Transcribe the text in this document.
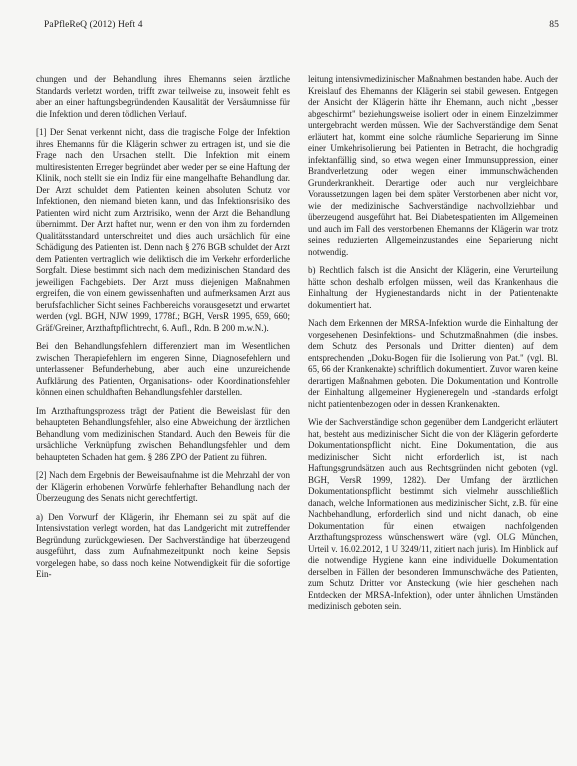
PaPfleReQ (2012) Heft 4	85

chungen und der Behandlung ihres Ehemanns seien ärztliche Standards verletzt worden, trifft zwar teilweise zu, insoweit fehlt es aber an einer haftungsbegründenden Kausalität der Versäumnisse für die Infektion und deren tödlichen Verlauf.

[1] Der Senat verkennt nicht, dass die tragische Folge der Infektion ihres Ehemanns für die Klägerin schwer zu ertragen ist, und sie die Frage nach den Ursachen stellt. Die Infektion mit einem multiresistenten Erreger begründet aber weder per se eine Haftung der Klinik, noch stellt sie ein Indiz für eine mangelhafte Behandlung dar. Der Arzt schuldet dem Patienten keinen absoluten Schutz vor Infektionen, den niemand bieten kann, und das Infektionsrisiko des Patienten wird nicht zum Arztrisiko, wenn der Arzt die Behandlung übernimmt. Der Arzt haftet nur, wenn er den von ihm zu fordernden Qualitätsstandard unterschreitet und dies auch ursächlich für eine Schädigung des Patienten ist. Denn nach § 276 BGB schuldet der Arzt dem Patienten vertraglich wie deliktisch die im Verkehr erforderliche Sorgfalt. Diese bestimmt sich nach dem medizinischen Standard des jeweiligen Fachgebiets. Der Arzt muss diejenigen Maßnahmen ergreifen, die von einem gewissenhaften und aufmerksamen Arzt aus berufsfachlicher Sicht seines Fachbereichs vorausgesetzt und erwartet werden (vgl. BGH, NJW 1999, 1778f.; BGH, VersR 1995, 659, 660; Gräf/Greiner, Arzthaftpflichtrecht, 6. Aufl., Rdn. B 200 m.w.N.).

Bei den Behandlungsfehlern differenziert man im Wesentlichen zwischen Therapiefehlern im engeren Sinne, Diagnosefehlern und unterlassener Befunderhebung, aber auch eine unzureichende Aufklärung des Patienten, Organisations- oder Koordinationsfehler können einen schuldhaften Behandlungsfehler darstellen.

Im Arzthaftungsprozess trägt der Patient die Beweislast für den behaupteten Behandlungsfehler, also eine Abweichung der ärztlichen Behandlung vom medizinischen Standard. Auch den Beweis für die ursächliche Verknüpfung zwischen Behandlungsfehler und dem behaupteten Schaden hat gem. § 286 ZPO der Patient zu führen.

[2] Nach dem Ergebnis der Beweisaufnahme ist die Mehrzahl der von der Klägerin erhobenen Vorwürfe fehlerhafter Behandlung nach der Überzeugung des Senats nicht gerechtfertigt.

a) Den Vorwurf der Klägerin, ihr Ehemann sei zu spät auf die Intensivstation verlegt worden, hat das Landgericht mit zutreffender Begründung zurückgewiesen. Der Sachverständige hat überzeugend ausgeführt, dass zum Aufnahmezeitpunkt noch keine Sepsis vorgelegen habe, so dass noch keine Notwendigkeit für die sofortige Ein-

leitung intensivmedizinischer Maßnahmen bestanden habe. Auch der Kreislauf des Ehemanns der Klägerin sei stabil gewesen. Entgegen der Ansicht der Klägerin hätte ihr Ehemann, auch nicht „besser abgeschirmt" beziehungsweise isoliert oder in einem Einzelzimmer untergebracht werden müssen. Wie der Sachverständige dem Senat erläutert hat, kommt eine solche räumliche Separierung im Sinne einer Umkehrisolierung bei Patienten in Betracht, die hochgradig infektanfällig sind, so etwa wegen einer Immunsuppression, einer Brandverletzung oder wegen einer immunschwächenden Grunderkrankheit. Derartige oder auch nur vergleichbare Voraussetzungen lagen bei dem später Verstorbenen aber nicht vor, wie der medizinische Sachverständige nachvollziehbar und überzeugend ausgeführt hat. Bei Diabetespatienten im Allgemeinen und auch im Fall des verstorbenen Ehemanns der Klägerin war trotz seines reduzierten Allgemeinzustandes eine Separierung nicht notwendig.

b) Rechtlich falsch ist die Ansicht der Klägerin, eine Verurteilung hätte schon deshalb erfolgen müssen, weil das Krankenhaus die Einhaltung der Hygienestandards nicht in der Patientenakte dokumentiert hat.

Nach dem Erkennen der MRSA-Infektion wurde die Einhaltung der vorgesehenen Desinfektions- und Schutzmaßnahmen (die insbes. dem Schutz des Personals und Dritter dienten) auf dem entsprechenden „Doku-Bogen für die Isolierung von Pat." (vgl. Bl. 65, 66 der Krankenakte) schriftlich dokumentiert. Zuvor waren keine derartigen Maßnahmen geboten. Die Dokumentation und Kontrolle der Einhaltung allgemeiner Hygieneregeln und -standards erfolgt nicht patientenbezogen oder in dessen Krankenakten.

Wie der Sachverständige schon gegenüber dem Landgericht erläutert hat, besteht aus medizinischer Sicht die von der Klägerin geforderte Dokumentationspflicht nicht. Eine Dokumentation, die aus medizinischer Sicht nicht erforderlich ist, ist nach Haftungsgrundsätzen auch aus Rechtsgründen nicht geboten (vgl. BGH, VersR 1999, 1282). Der Umfang der ärztlichen Dokumentationspflicht bestimmt sich vielmehr ausschließlich danach, welche Informationen aus medizinischer Sicht, z.B. für eine Nachbehandlung, erforderlich sind und nicht danach, ob eine Dokumentation für einen etwaigen nachfolgenden Arzthaftungsprozess wünschenswert wäre (vgl. OLG München, Urteil v. 16.02.2012, 1 U 3249/11, zitiert nach juris). Im Hinblick auf die notwendige Hygiene kann eine individuelle Dokumentation derselben in Fällen der besonderen Immunschwäche des Patienten, zum Schutz Dritter vor Ansteckung (wie hier geschehen nach Entdecken der MRSA-Infektion), oder unter ähnlichen Umständen medizinisch geboten sein.
